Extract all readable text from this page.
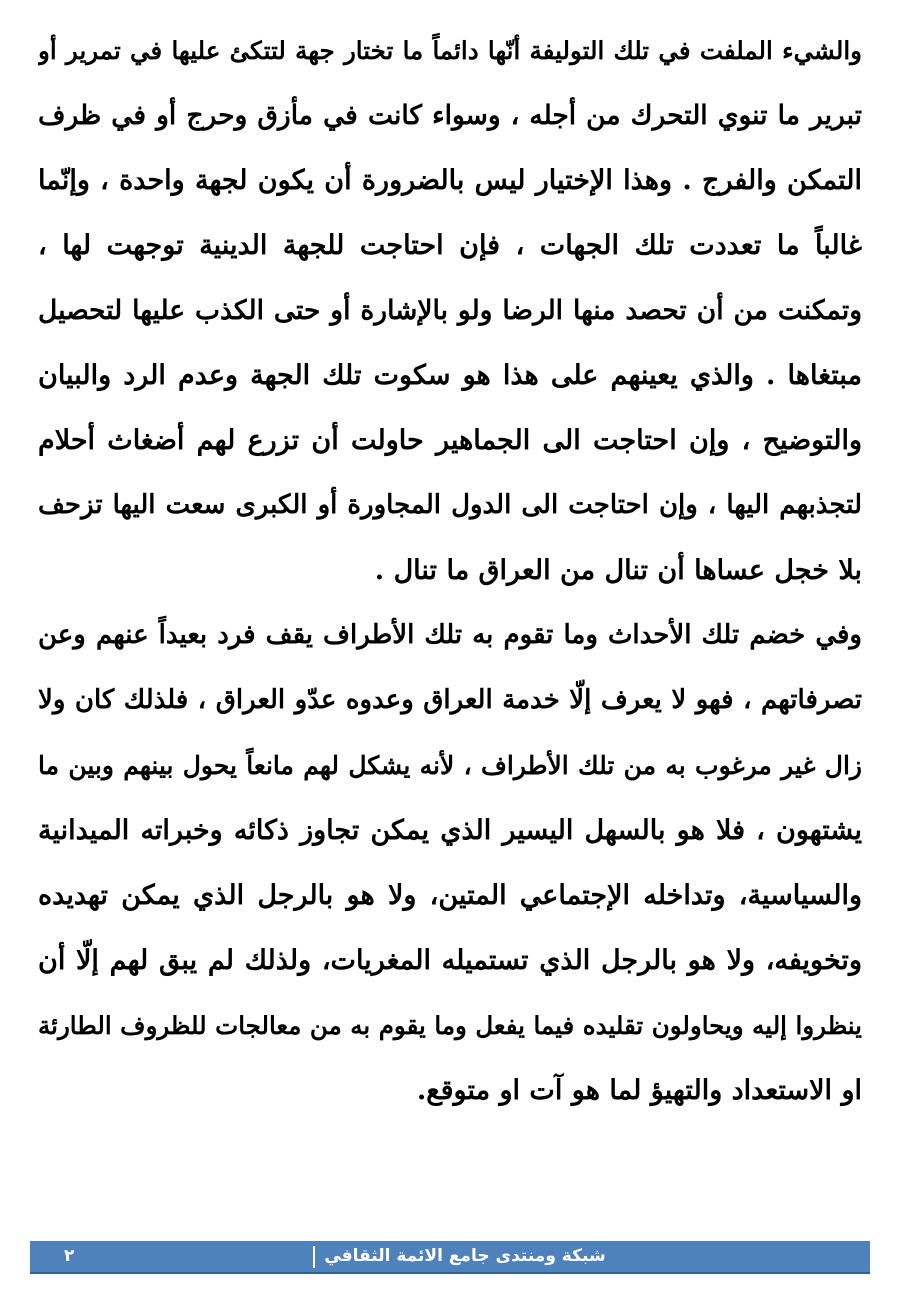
والشيء الملفت في تلك التوليفة أنّها دائماً ما تختار جهة لتتكئ عليها في تمرير أو
تبرير ما تنوي التحرك من أجله ، وسواء كانت في مأزق وحرج أو في ظرف
التمكن والفرج . وهذا الإختيار ليس بالضرورة أن يكون لجهة واحدة ، وإنّما
غالباً ما تعددت تلك الجهات ، فإن احتاجت للجهة الدينية توجهت لها ،
وتمكنت من أن تحصد منها الرضا ولو بالإشارة أو حتى الكذب عليها لتحصيل
مبتغاها . والذي يعينهم على هذا هو سكوت تلك الجهة وعدم الرد والبيان
والتوضيح ، وإن احتاجت الى الجماهير حاولت أن تزرع لهم أضغاث أحلام
لتجذبهم اليها ، وإن احتاجت الى الدول المجاورة أو الكبرى سعت اليها تزحف
بلا خجل عساها أن تنال من العراق ما تنال .
وفي خضم تلك الأحداث وما تقوم به تلك الأطراف يقف فرد بعيداً عنهم وعن
تصرفاتهم ، فهو لا يعرف إلّا خدمة العراق وعدوه عدّو العراق ، فلذلك كان ولا
زال غير مرغوب به من تلك الأطراف ، لأنه يشكل لهم مانعاً يحول بينهم وبين ما
يشتهون ، فلا هو بالسهل اليسير الذي يمكن تجاوز ذكائه وخبراته الميدانية
والسياسية، وتداخله الإجتماعي المتين، ولا هو بالرجل الذي يمكن تهديده
وتخويفه، ولا هو بالرجل الذي تستميله المغريات، ولذلك لم يبق لهم إلّا أن
ينظروا إليه ويحاولون تقليده فيما يفعل وما يقوم به من معالجات للظروف الطارئة
او الاستعداد والتهيؤ لما هو آت او متوقع.
٢	شبكة ومنتدى جامع الائمة الثقافي
